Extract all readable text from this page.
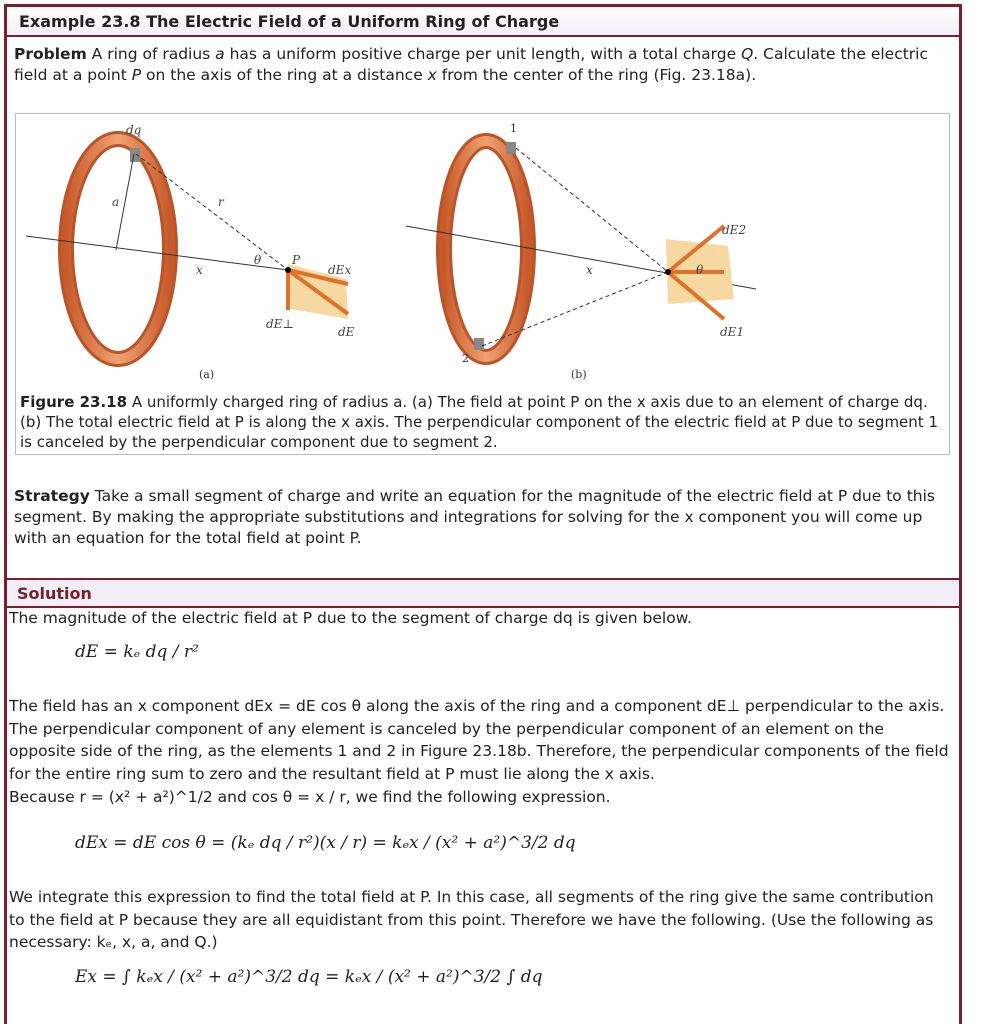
Example 23.8 The Electric Field of a Uniform Ring of Charge
Problem A ring of radius a has a uniform positive charge per unit length, with a total charge Q. Calculate the electric field at a point P on the axis of the ring at a distance x from the center of the ring (Fig. 23.18a).
dq
a	r
x
θ	P
dEx
dE⊥
dE
x	θ
dE2
dE1
(a)	(b)
1
2
Figure 23.18 A uniformly charged ring of radius a. (a) The field at point P on the x axis due to an element of charge dq. (b) The total electric field at P is along the x axis. The perpendicular component of the electric field at P due to segment 1 is canceled by the perpendicular component due to segment 2.
Strategy Take a small segment of charge and write an equation for the magnitude of the electric field at P due to this segment. By making the appropriate substitutions and integrations for solving for the x component you will come up with an equation for the total field at point P.
Solution
The magnitude of the electric field at P due to the segment of charge dq is given below.
dE = kₑ dq / r²
The field has an x component dEx = dE cos θ along the axis of the ring and a component dE⊥ perpendicular to the axis. The perpendicular component of any element is canceled by the perpendicular component of an element on the opposite side of the ring, as the elements 1 and 2 in Figure 23.18b. Therefore, the perpendicular components of the field for the entire ring sum to zero and the resultant field at P must lie along the x axis.
Because r = (x² + a²)^1/2 and cos θ = x / r, we find the following expression.
dEx = dE cos θ = (kₑ dq / r²)(x / r) = kₑx / (x² + a²)^3/2 dq
We integrate this expression to find the total field at P. In this case, all segments of the ring give the same contribution to the field at P because they are all equidistant from this point. Therefore we have the following. (Use the following as necessary: kₑ, x, a, and Q.)
Ex = ∫ kₑx / (x² + a²)^3/2 dq = kₑx / (x² + a²)^3/2 ∫ dq
